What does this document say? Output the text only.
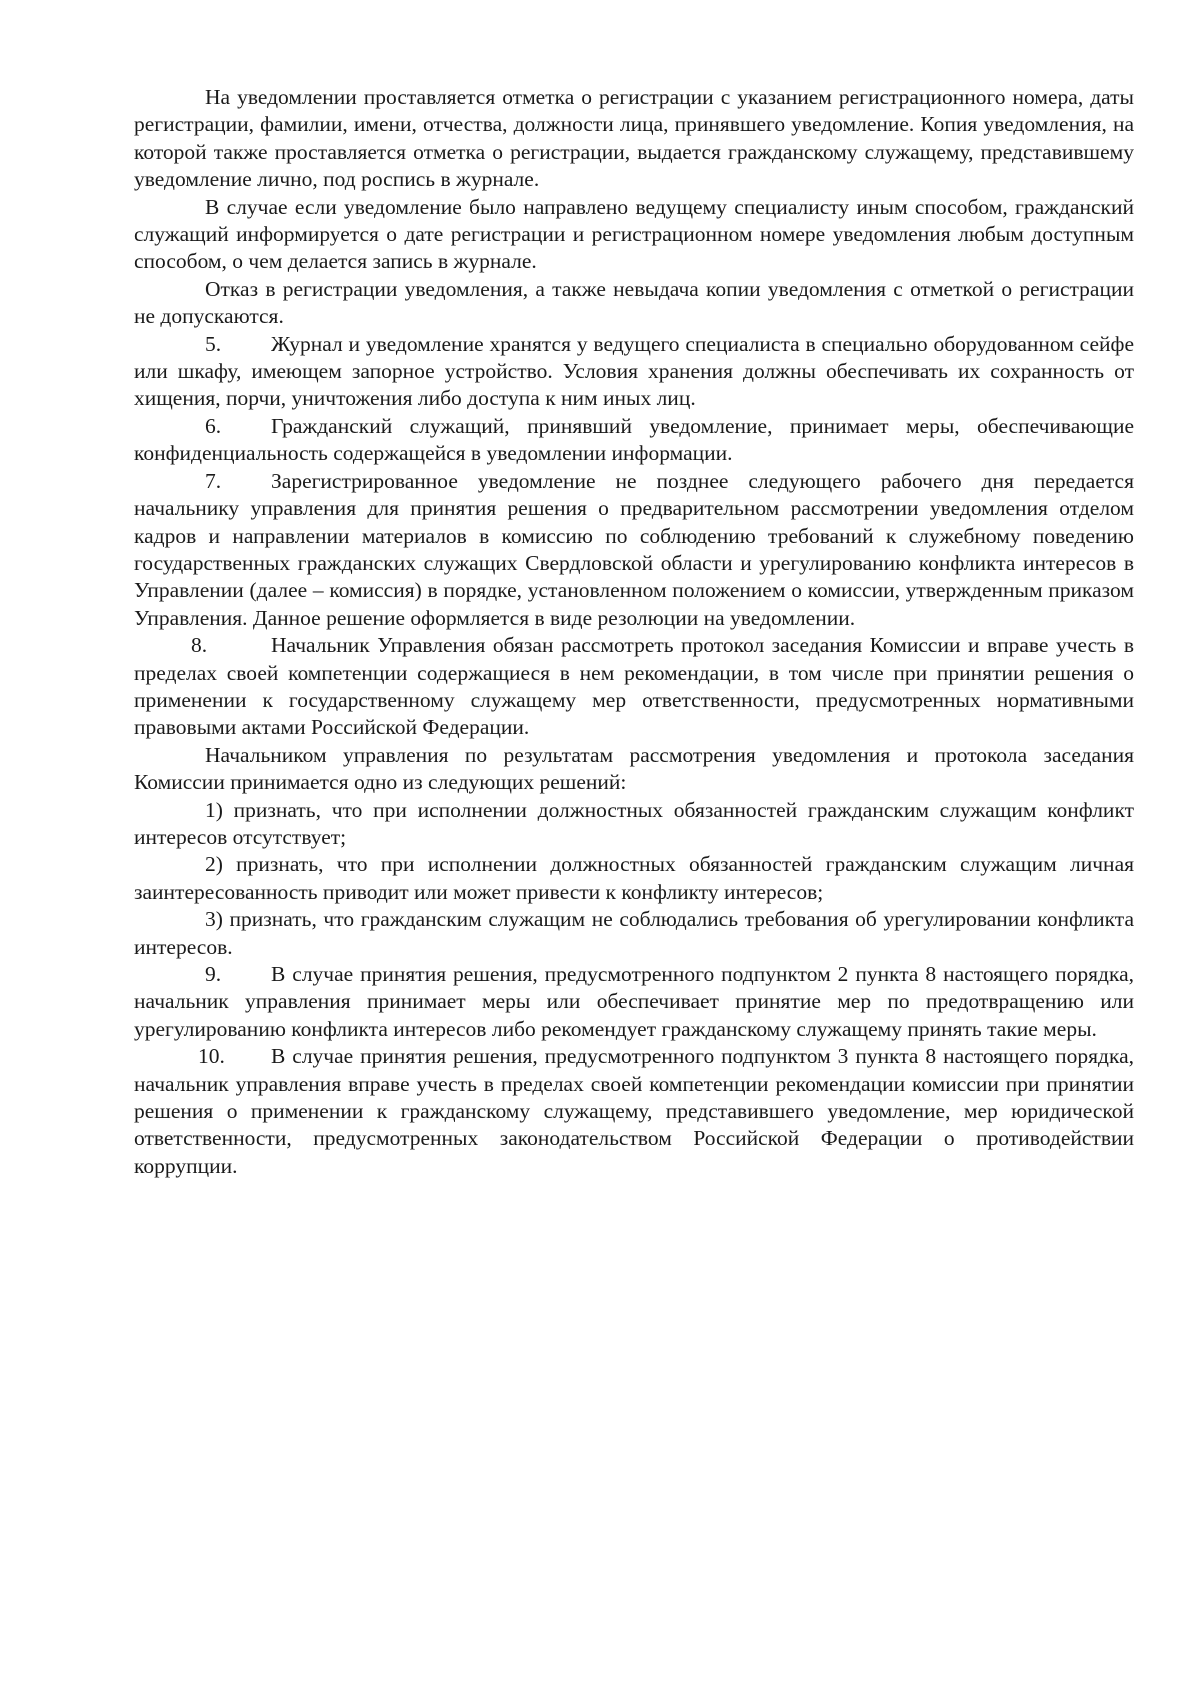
На уведомлении проставляется отметка о регистрации с указанием регистрационного номера, даты регистрации, фамилии, имени, отчества, должности лица, принявшего уведомление. Копия уведомления, на которой также проставляется отметка о регистрации, выдается гражданскому служащему, представившему уведомление лично, под роспись в журнале.

В случае если уведомление было направлено ведущему специалисту иным способом, гражданский служащий информируется о дате регистрации и регистрационном номере уведомления любым доступным способом, о чем делается запись в журнале.

Отказ в регистрации уведомления, а также невыдача копии уведомления с отметкой о регистрации не допускаются.

5. Журнал и уведомление хранятся у ведущего специалиста в специально оборудованном сейфе или шкафу, имеющем запорное устройство. Условия хранения должны обеспечивать их сохранность от хищения, порчи, уничтожения либо доступа к ним иных лиц.

6. Гражданский служащий, принявший уведомление, принимает меры, обеспечивающие конфиденциальность содержащейся в уведомлении информации.

7. Зарегистрированное уведомление не позднее следующего рабочего дня передается начальнику управления для принятия решения о предварительном рассмотрении уведомления отделом кадров и направлении материалов в комиссию по соблюдению требований к служебному поведению государственных гражданских служащих Свердловской области и урегулированию конфликта интересов в Управлении (далее – комиссия) в порядке, установленном положением о комиссии, утвержденным приказом Управления. Данное решение оформляется в виде резолюции на уведомлении.

8.	Начальник Управления обязан рассмотреть протокол заседания Комиссии и вправе учесть в пределах своей компетенции содержащиеся в нем рекомендации, в том числе при принятии решения о применении к государственному служащему мер ответственности, предусмотренных нормативными правовыми актами Российской Федерации.

Начальником управления по результатам рассмотрения уведомления и протокола заседания Комиссии принимается одно из следующих решений:

1) признать, что при исполнении должностных обязанностей гражданским служащим конфликт интересов отсутствует;

2) признать, что при исполнении должностных обязанностей гражданским служащим личная заинтересованность приводит или может привести к конфликту интересов;

3) признать, что гражданским служащим не соблюдались требования об урегулировании конфликта интересов.

9. В случае принятия решения, предусмотренного подпунктом 2 пункта 8 настоящего порядка, начальник управления принимает меры или обеспечивает принятие мер по предотвращению или урегулированию конфликта интересов либо рекомендует гражданскому служащему принять такие меры.

10. В случае принятия решения, предусмотренного подпунктом 3 пункта 8 настоящего порядка, начальник управления вправе учесть в пределах своей компетенции рекомендации комиссии при принятии решения о применении к гражданскому служащему, представившего уведомление, мер юридической ответственности, предусмотренных законодательством Российской Федерации о противодействии коррупции.
